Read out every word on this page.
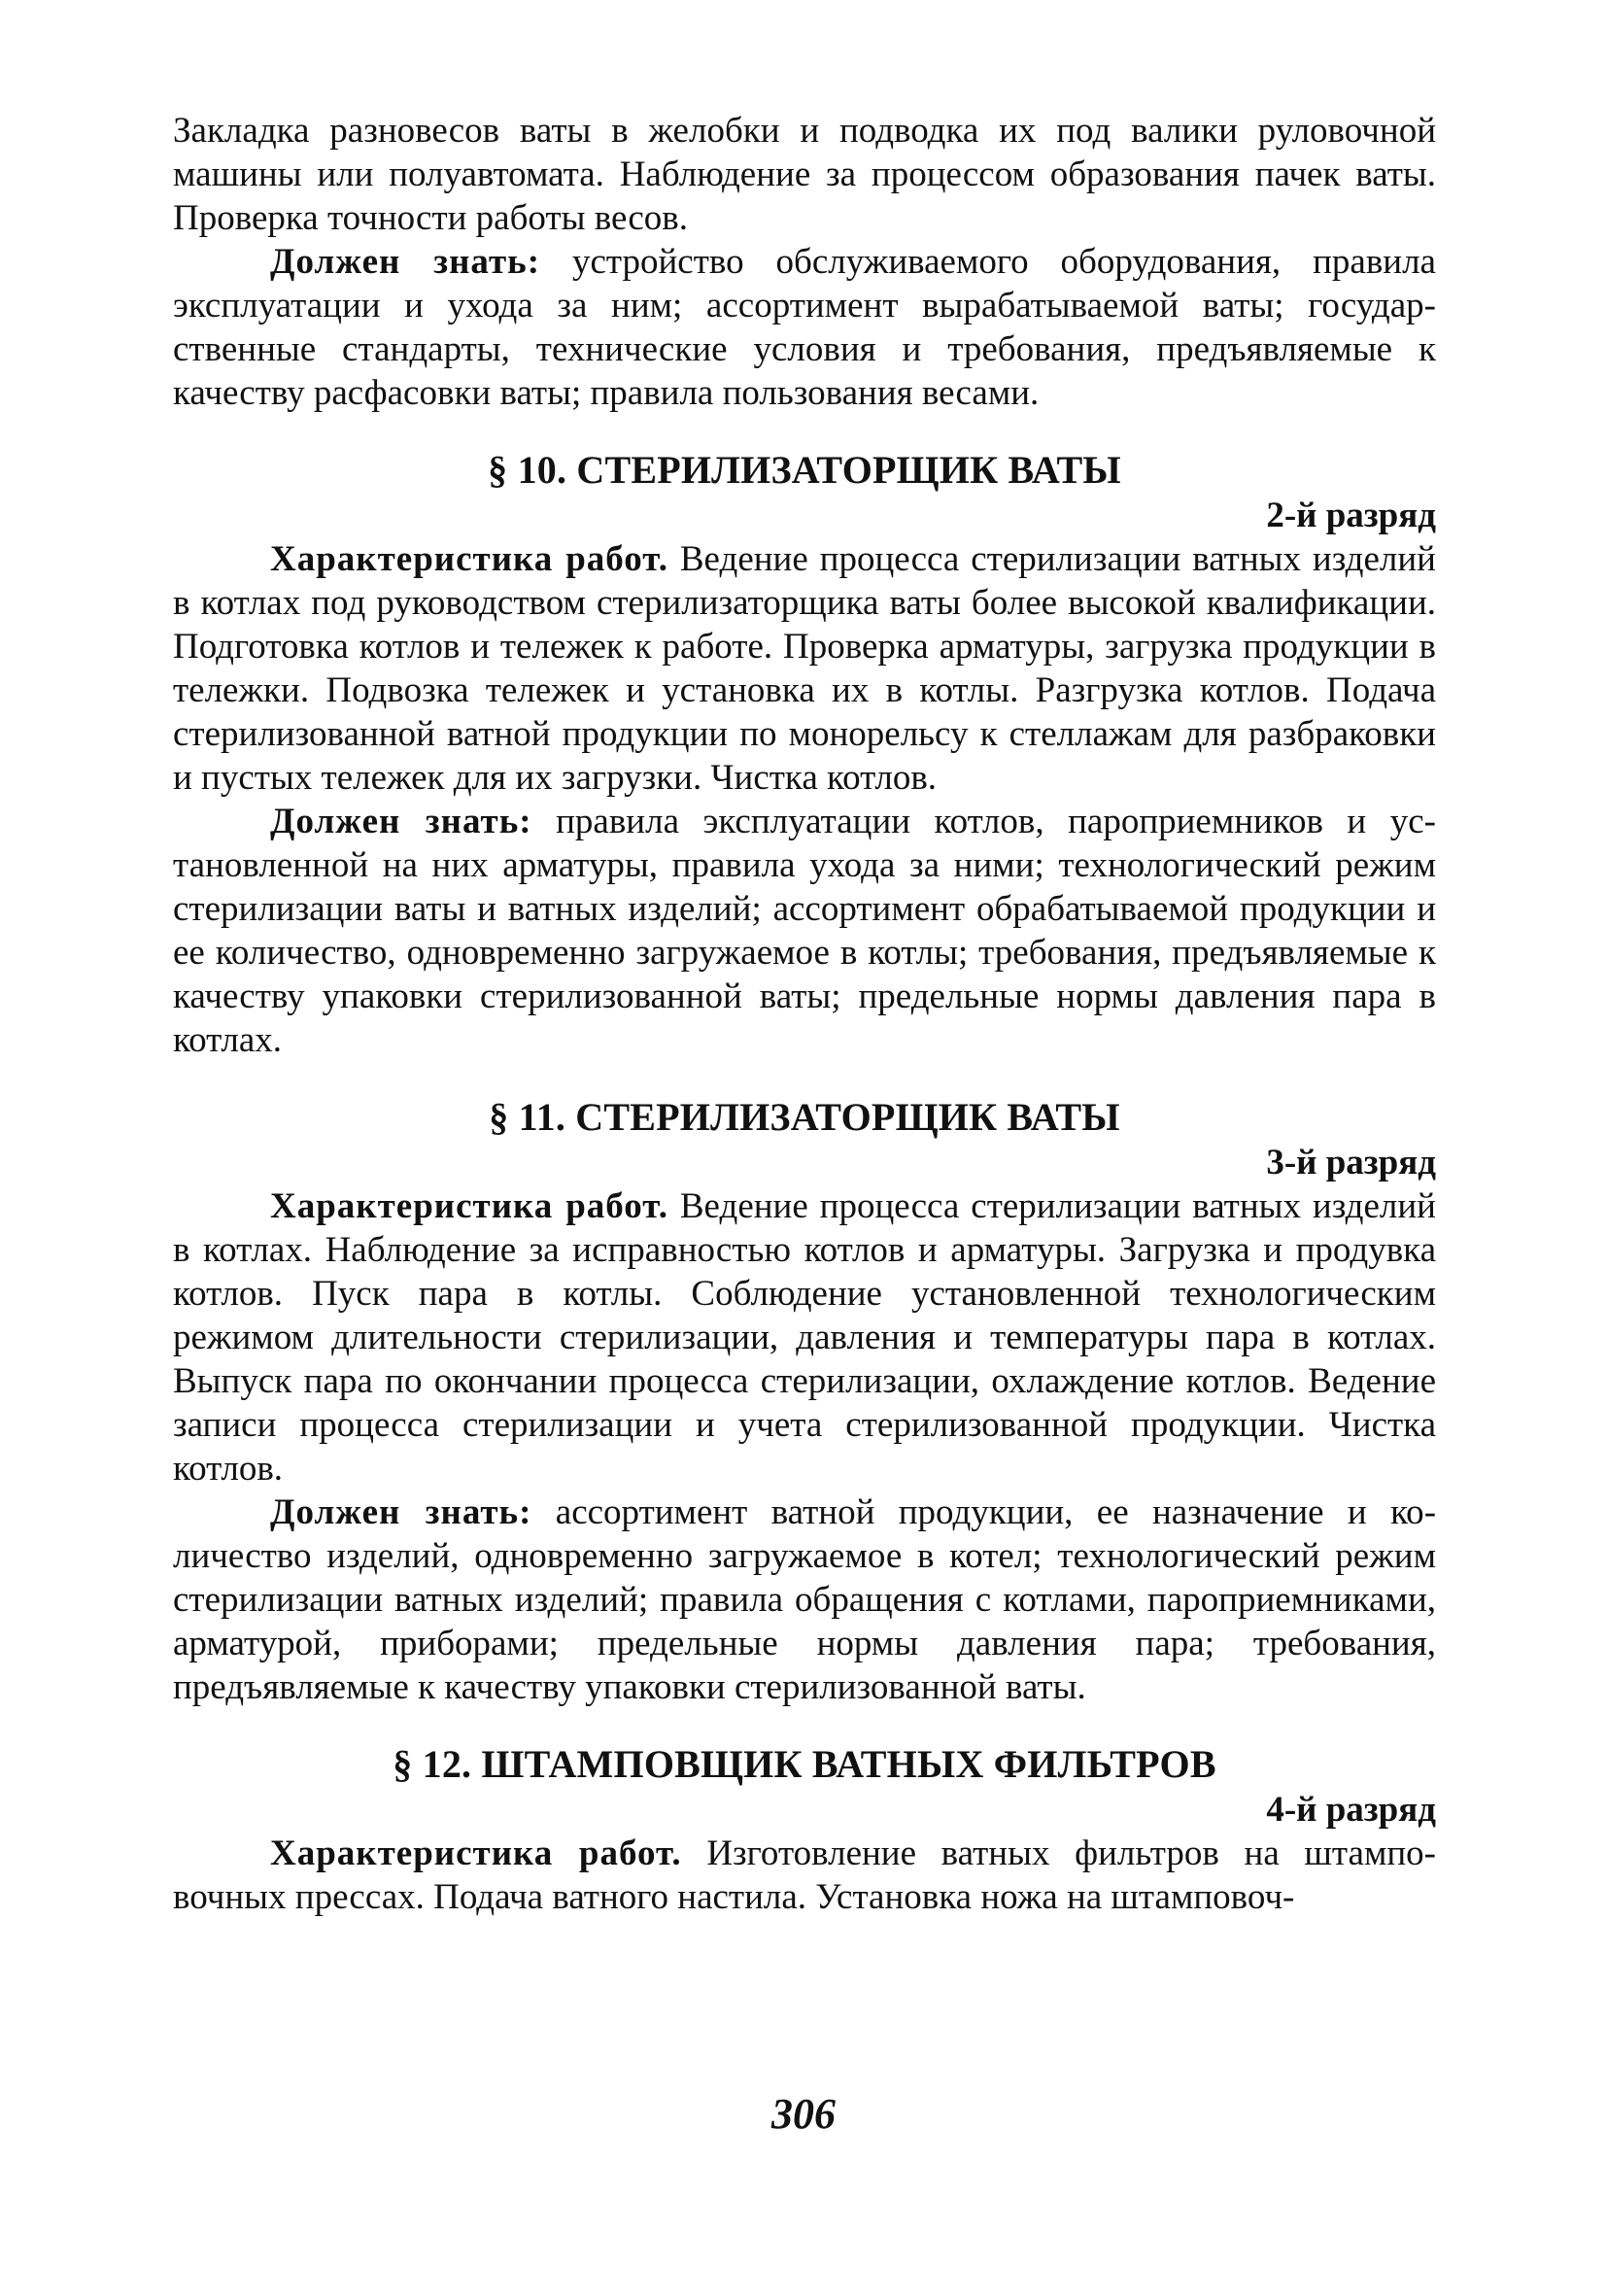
Закладка разновесов ваты в желобки и подводка их под валики руловочной машины или полуавтомата. Наблюдение за процессом образования пачек ваты. Проверка точности работы весов.

Должен знать: устройство обслуживаемого оборудования, правила эксплуатации и ухода за ним; ассортимент вырабатываемой ваты; государственные стандарты, технические условия и требования, предъявляемые к качеству расфасовки ваты; правила пользования весами.

§ 10. СТЕРИЛИЗАТОРЩИК ВАТЫ
2-й разряд

Характеристика работ. Ведение процесса стерилизации ватных изделий в котлах под руководством стерилизаторщика ваты более высокой квалификации. Подготовка котлов и тележек к работе. Проверка арматуры, загрузка продукции в тележки. Подвозка тележек и установка их в котлы. Разгрузка котлов. Подача стерилизованной ватной продукции по монорельсу к стеллажам для разбраковки и пустых тележек для их загрузки. Чистка котлов.

Должен знать: правила эксплуатации котлов, пароприемников и установленной на них арматуры, правила ухода за ними; технологический режим стерилизации ваты и ватных изделий; ассортимент обрабатываемой продукции и ее количество, одновременно загружаемое в котлы; требования, предъявляемые к качеству упаковки стерилизованной ваты; предельные нормы давления пара в котлах.

§ 11. СТЕРИЛИЗАТОРЩИК ВАТЫ
3-й разряд

Характеристика работ. Ведение процесса стерилизации ватных изделий в котлах. Наблюдение за исправностью котлов и арматуры. Загрузка и продувка котлов. Пуск пара в котлы. Соблюдение установленной технологическим режимом длительности стерилизации, давления и температуры пара в котлах. Выпуск пара по окончании процесса стерилизации, охлаждение котлов. Ведение записи процесса стерилизации и учета стерилизованной продукции. Чистка котлов.

Должен знать: ассортимент ватной продукции, ее назначение и количество изделий, одновременно загружаемое в котел; технологический режим стерилизации ватных изделий; правила обращения с котлами, пароприемниками, арматурой, приборами; предельные нормы давления пара; требования, предъявляемые к качеству упаковки стерилизованной ваты.

§ 12. ШТАМПОВЩИК ВАТНЫХ ФИЛЬТРОВ
4-й разряд

Характеристика работ. Изготовление ватных фильтров на штамповочных прессах. Подача ватного настила. Установка ножа на штамповоч-

306
